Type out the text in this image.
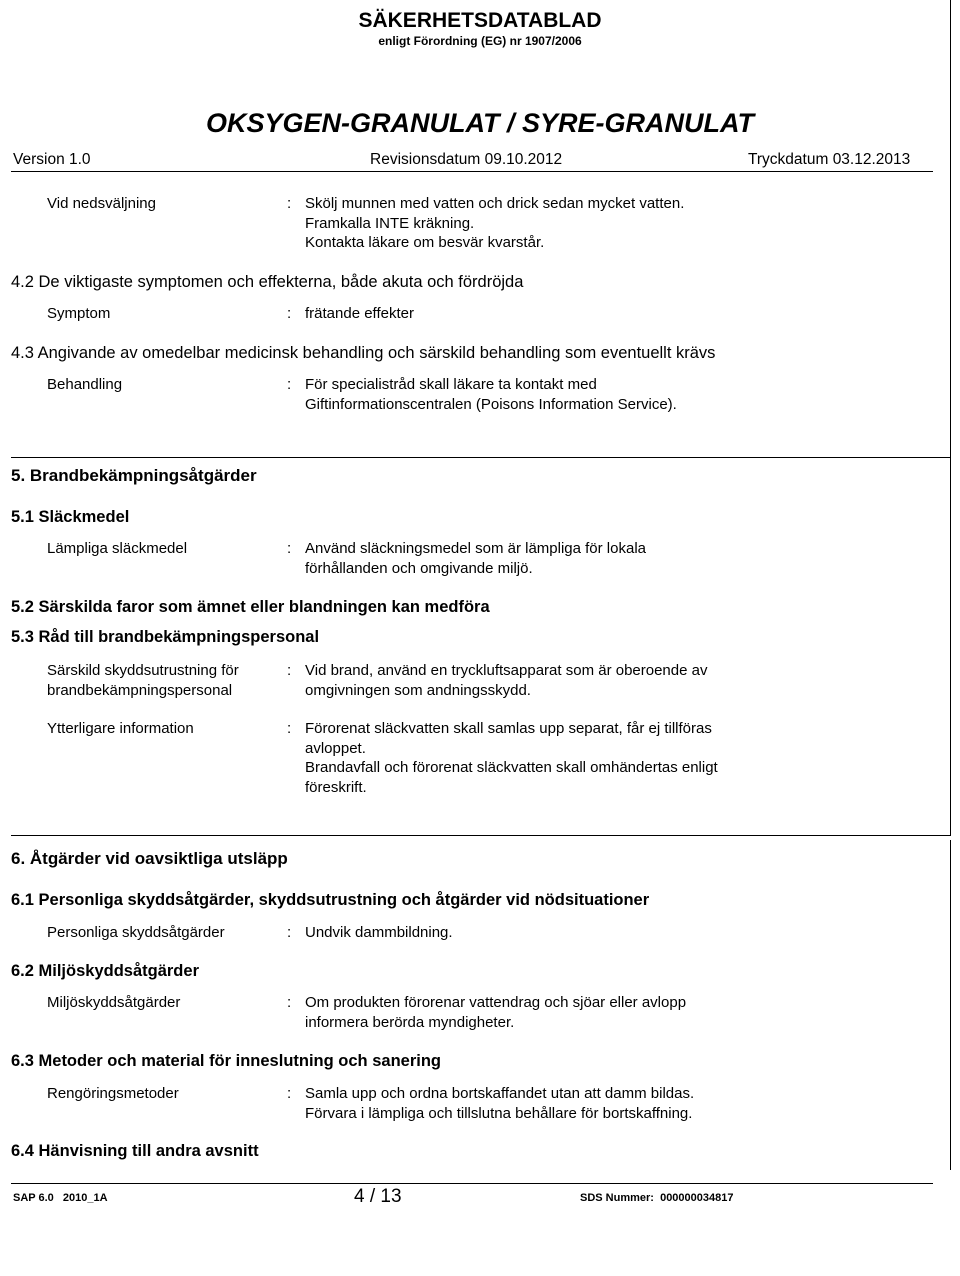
SÄKERHETSDATABLAD
enligt Förordning (EG) nr 1907/2006
OKSYGEN-GRANULAT / SYRE-GRANULAT
Version 1.0	Revisionsdatum 09.10.2012	Tryckdatum 03.12.2013
Vid nedsväljning	: Skölj munnen med vatten och drick sedan mycket vatten.
Framkalla INTE kräkning.
Kontakta läkare om besvär kvarstår.
4.2 De viktigaste symptomen och effekterna, både akuta och fördröjda
Symptom	: frätande effekter
4.3 Angivande av omedelbar medicinsk behandling och särskild behandling som eventuellt krävs
Behandling	: För specialistråd skall läkare ta kontakt med
Giftinformationscentralen (Poisons Information Service).
5. Brandbekämpningsåtgärder
5.1 Släckmedel
Lämpliga släckmedel	: Använd släckningsmedel som är lämpliga för lokala
förhållanden och omgivande miljö.
5.2 Särskilda faror som ämnet eller blandningen kan medföra
5.3 Råd till brandbekämpningspersonal
Särskild skyddsutrustning för
brandbekämpningspersonal
: Vid brand, använd en tryckluftsapparat som är oberoende av
omgivningen som andningsskydd.
Ytterligare information	: Förorenat släckvatten skall samlas upp separat, får ej tillföras
avloppet.
Brandavfall och förorenat släckvatten skall omhändertas enligt
föreskrift.
6. Åtgärder vid oavsiktliga utsläpp
6.1 Personliga skyddsåtgärder, skyddsutrustning och åtgärder vid nödsituationer
Personliga skyddsåtgärder	: Undvik dammbildning.
6.2 Miljöskyddsåtgärder
Miljöskyddsåtgärder	: Om produkten förorenar vattendrag och sjöar eller avlopp
informera berörda myndigheter.
6.3 Metoder och material för inneslutning och sanering
Rengöringsmetoder	: Samla upp och ordna bortskaffandet utan att damm bildas.
Förvara i lämpliga och tillslutna behållare för bortskaffning.
6.4 Hänvisning till andra avsnitt
SAP 6.0   2010_1A	4 / 13	SDS Nummer:  000000034817
